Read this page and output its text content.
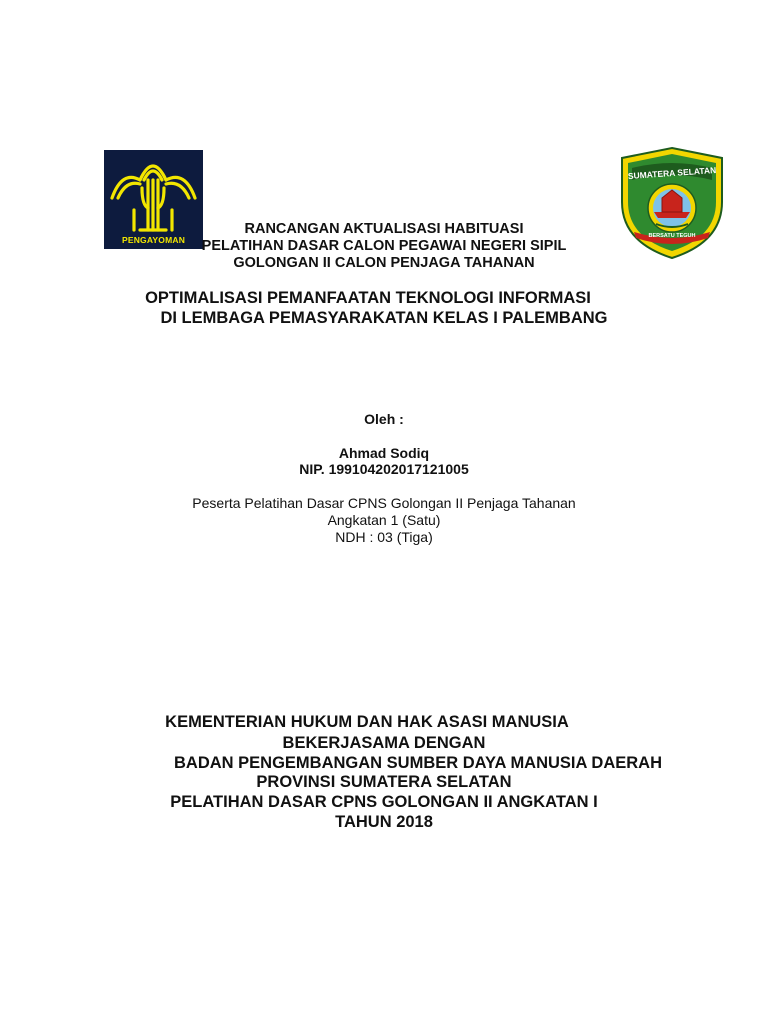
PENGAYOMAN
SUMATERA SELATAN
BERSATU TEGUH
RANCANGAN AKTUALISASI HABITUASI
PELATIHAN DASAR CALON PEGAWAI NEGERI SIPIL
GOLONGAN II CALON PENJAGA TAHANAN
OPTIMALISASI PEMANFAATAN TEKNOLOGI INFORMASI
DI LEMBAGA PEMASYARAKATAN KELAS I PALEMBANG
Oleh :
Ahmad Sodiq
NIP. 199104202017121005
Peserta Pelatihan Dasar CPNS Golongan II Penjaga Tahanan
Angkatan 1 (Satu)
NDH : 03 (Tiga)
KEMENTERIAN HUKUM DAN HAK ASASI MANUSIA
BEKERJASAMA DENGAN
BADAN PENGEMBANGAN SUMBER DAYA MANUSIA DAERAH
PROVINSI SUMATERA SELATAN
PELATIHAN DASAR CPNS GOLONGAN II ANGKATAN I
TAHUN 2018
